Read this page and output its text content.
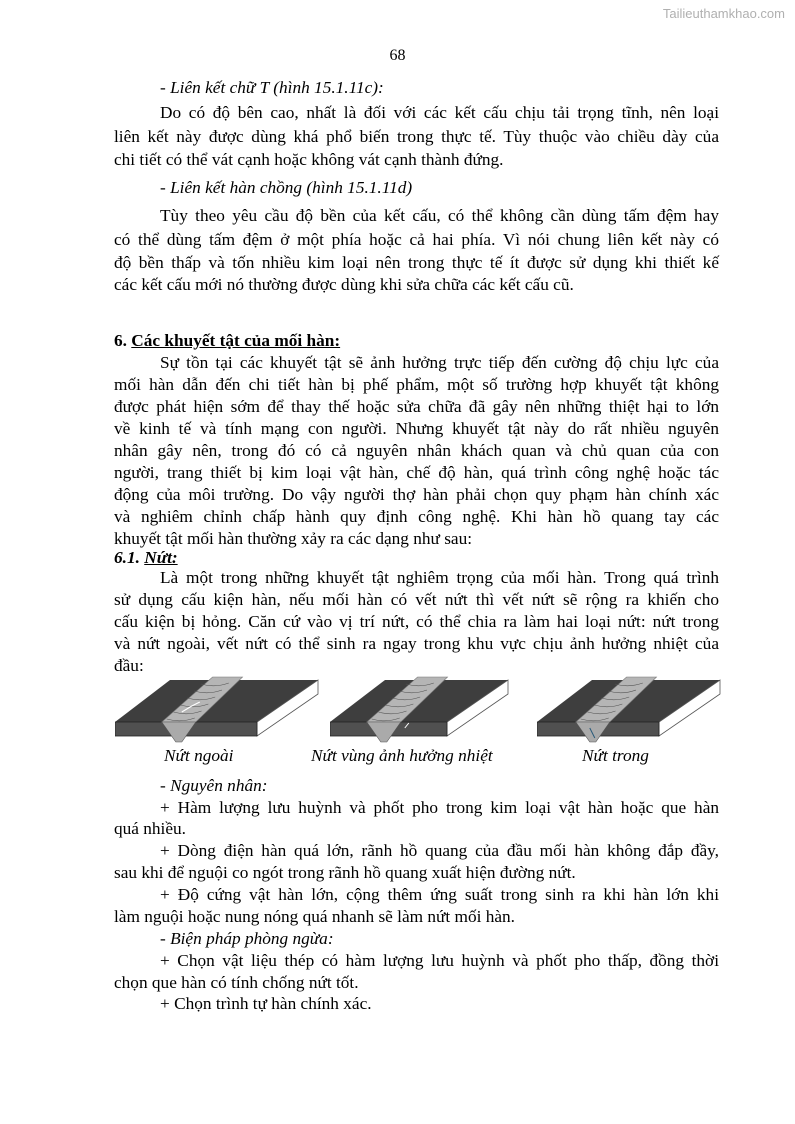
Tailieuthamkhao.com
68
- Liên kết chữ T (hình 15.1.11c):
Do có độ bên cao, nhất là đối với các kết cấu chịu tải trọng tĩnh, nên loại
liên kết này được dùng khá phổ biến trong thực tế. Tùy thuộc vào chiều dày của
chi tiết có thể vát cạnh hoặc không vát cạnh thành đứng.
- Liên kết hàn chồng (hình 15.1.11d)
Tùy theo yêu cầu độ bền của kết cấu, có thể không cần dùng tấm đệm hay
có thể dùng tấm đệm ở một phía hoặc cả hai phía. Vì nói chung liên kết này có
độ bền thấp và tốn nhiều kim loại nên trong thực tế ít được sử dụng khi thiết kế
các kết cấu mới nó thường được dùng khi sửa chữa các kết cấu cũ.
6. Các khuyết tật của mối hàn:
Sự tồn tại các khuyết tật sẽ ảnh hưởng trực tiếp đến cường độ chịu lực của
mối hàn dẫn đến chi tiết hàn bị phế phẩm, một số trường hợp khuyết tật không
được phát hiện sớm để thay thế hoặc sửa chữa đã gây nên những thiệt hại to lớn
về kinh tế và tính mạng con người. Nhưng khuyết tật này do rất nhiều nguyên
nhân gây nên, trong đó có cả nguyên nhân khách quan và chủ quan của con
người, trang thiết bị kim loại vật hàn, chế độ hàn, quá trình công nghệ hoặc tác
động của môi trường. Do vậy người thợ hàn phải chọn quy phạm hàn chính xác
và nghiêm chỉnh chấp hành quy định công nghệ. Khi hàn hồ quang tay các
khuyết tật mối hàn thường xảy ra các dạng như sau:
6.1. Nứt:
Là một trong những khuyết tật nghiêm trọng của mối hàn. Trong quá trình
sử dụng cấu kiện hàn, nếu mối hàn có vết nứt thì vết nứt sẽ rộng ra khiến cho
cấu kiện bị hỏng. Căn cứ vào vị trí nứt, có thể chia ra làm hai loại nứt: nứt trong
và nứt ngoài, vết nứt có thể sinh ra ngay trong khu vực chịu ảnh hưởng nhiệt của
đầu:
- Nguyên nhân:
+ Hàm lượng lưu huỳnh và phốt pho trong kim loại vật hàn hoặc que hàn
quá nhiều.
+ Dòng điện hàn quá lớn, rãnh hồ quang của đầu mối hàn không đắp đầy,
sau khi để nguội co ngót trong rãnh hồ quang xuất hiện đường nứt.
+ Độ cứng vật hàn lớn, cộng thêm ứng suất trong sinh ra khi hàn lớn khi
làm nguội hoặc nung nóng quá nhanh sẽ làm nứt mối hàn.
- Biện pháp phòng ngừa:
+ Chọn vật liệu thép có hàm lượng lưu huỳnh và phốt pho thấp, đồng thời
chọn que hàn có tính chống nứt tốt.
+ Chọn trình tự hàn chính xác.
Nứt ngoài	Nứt vùng ảnh hưởng nhiệt	Nứt trong
